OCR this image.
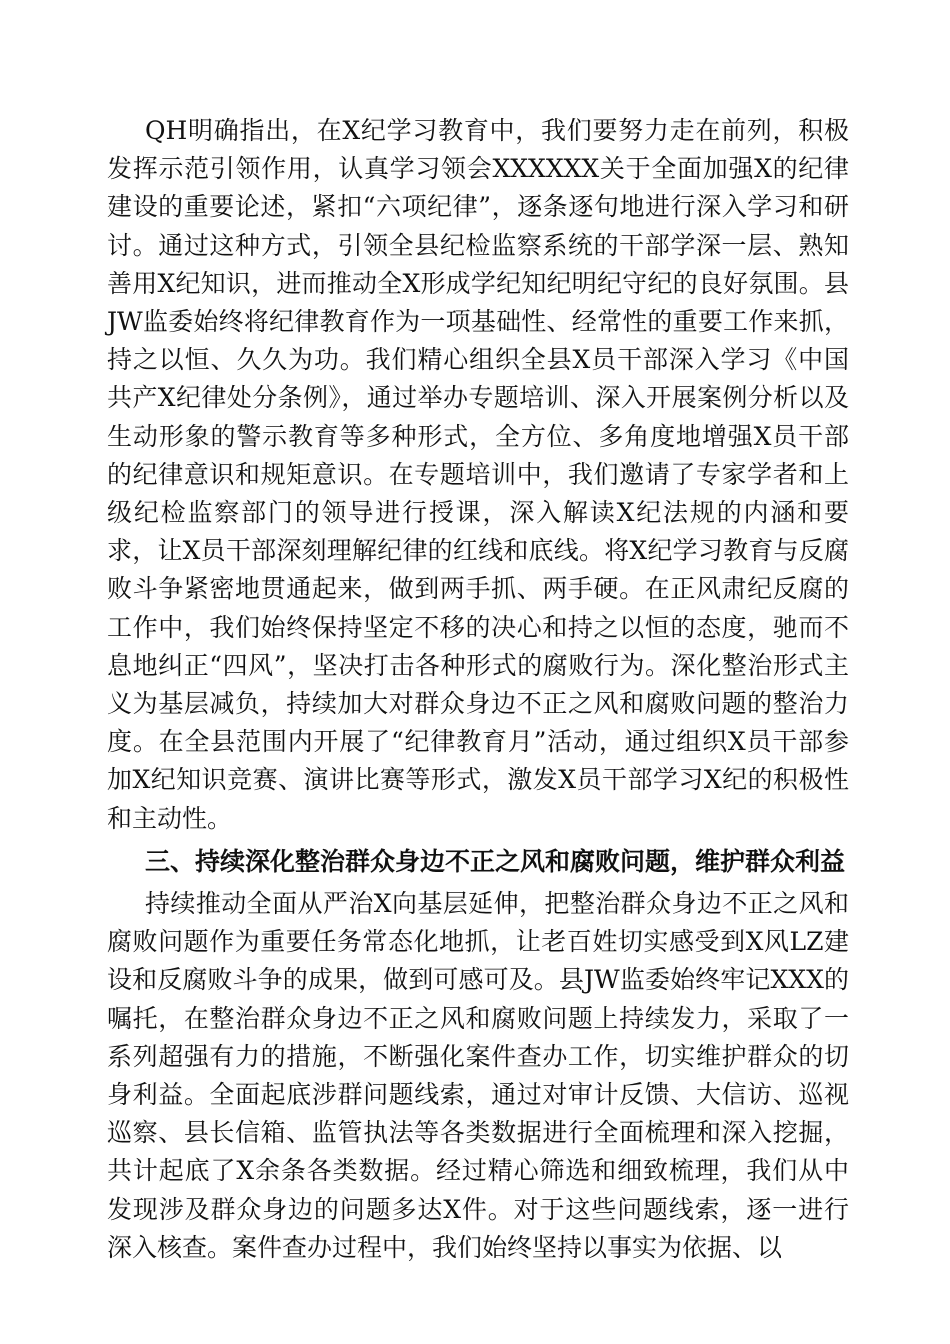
QH明确指出，在X纪学习教育中，我们要努力走在前列，积极发挥示范引领作用，认真学习领会XXXXXX关于全面加强X的纪律建设的重要论述，紧扣“六项纪律”，逐条逐句地进行深入学习和研讨。通过这种方式，引领全县纪检监察系统的干部学深一层、熟知善用X纪知识，进而推动全X形成学纪知纪明纪守纪的良好氛围。县JW监委始终将纪律教育作为一项基础性、经常性的重要工作来抓，持之以恒、久久为功。我们精心组织全县X员干部深入学习《中国共产X纪律处分条例》，通过举办专题培训、深入开展案例分析以及生动形象的警示教育等多种形式，全方位、多角度地增强X员干部的纪律意识和规矩意识。在专题培训中，我们邀请了专家学者和上级纪检监察部门的领导进行授课，深入解读X纪法规的内涵和要求，让X员干部深刻理解纪律的红线和底线。将X纪学习教育与反腐败斗争紧密地贯通起来，做到两手抓、两手硬。在正风肃纪反腐的工作中，我们始终保持坚定不移的决心和持之以恒的态度，驰而不息地纠正“四风”，坚决打击各种形式的腐败行为。深化整治形式主义为基层减负，持续加大对群众身边不正之风和腐败问题的整治力度。在全县范围内开展了“纪律教育月”活动，通过组织X员干部参加X纪知识竞赛、演讲比赛等形式，激发X员干部学习X纪的积极性和主动性。

三、持续深化整治群众身边不正之风和腐败问题，维护群众利益

持续推动全面从严治X向基层延伸，把整治群众身边不正之风和腐败问题作为重要任务常态化地抓，让老百姓切实感受到X风LZ建设和反腐败斗争的成果，做到可感可及。县JW监委始终牢记XXX的嘱托，在整治群众身边不正之风和腐败问题上持续发力，采取了一系列超强有力的措施，不断强化案件查办工作，切实维护群众的切身利益。全面起底涉群问题线索，通过对审计反馈、大信访、巡视巡察、县长信箱、监管执法等各类数据进行全面梳理和深入挖掘，共计起底了X余条各类数据。经过精心筛选和细致梳理，我们从中发现涉及群众身边的问题多达X件。对于这些问题线索，逐一进行深入核查。案件查办过程中，我们始终坚持以事实为依据、以
